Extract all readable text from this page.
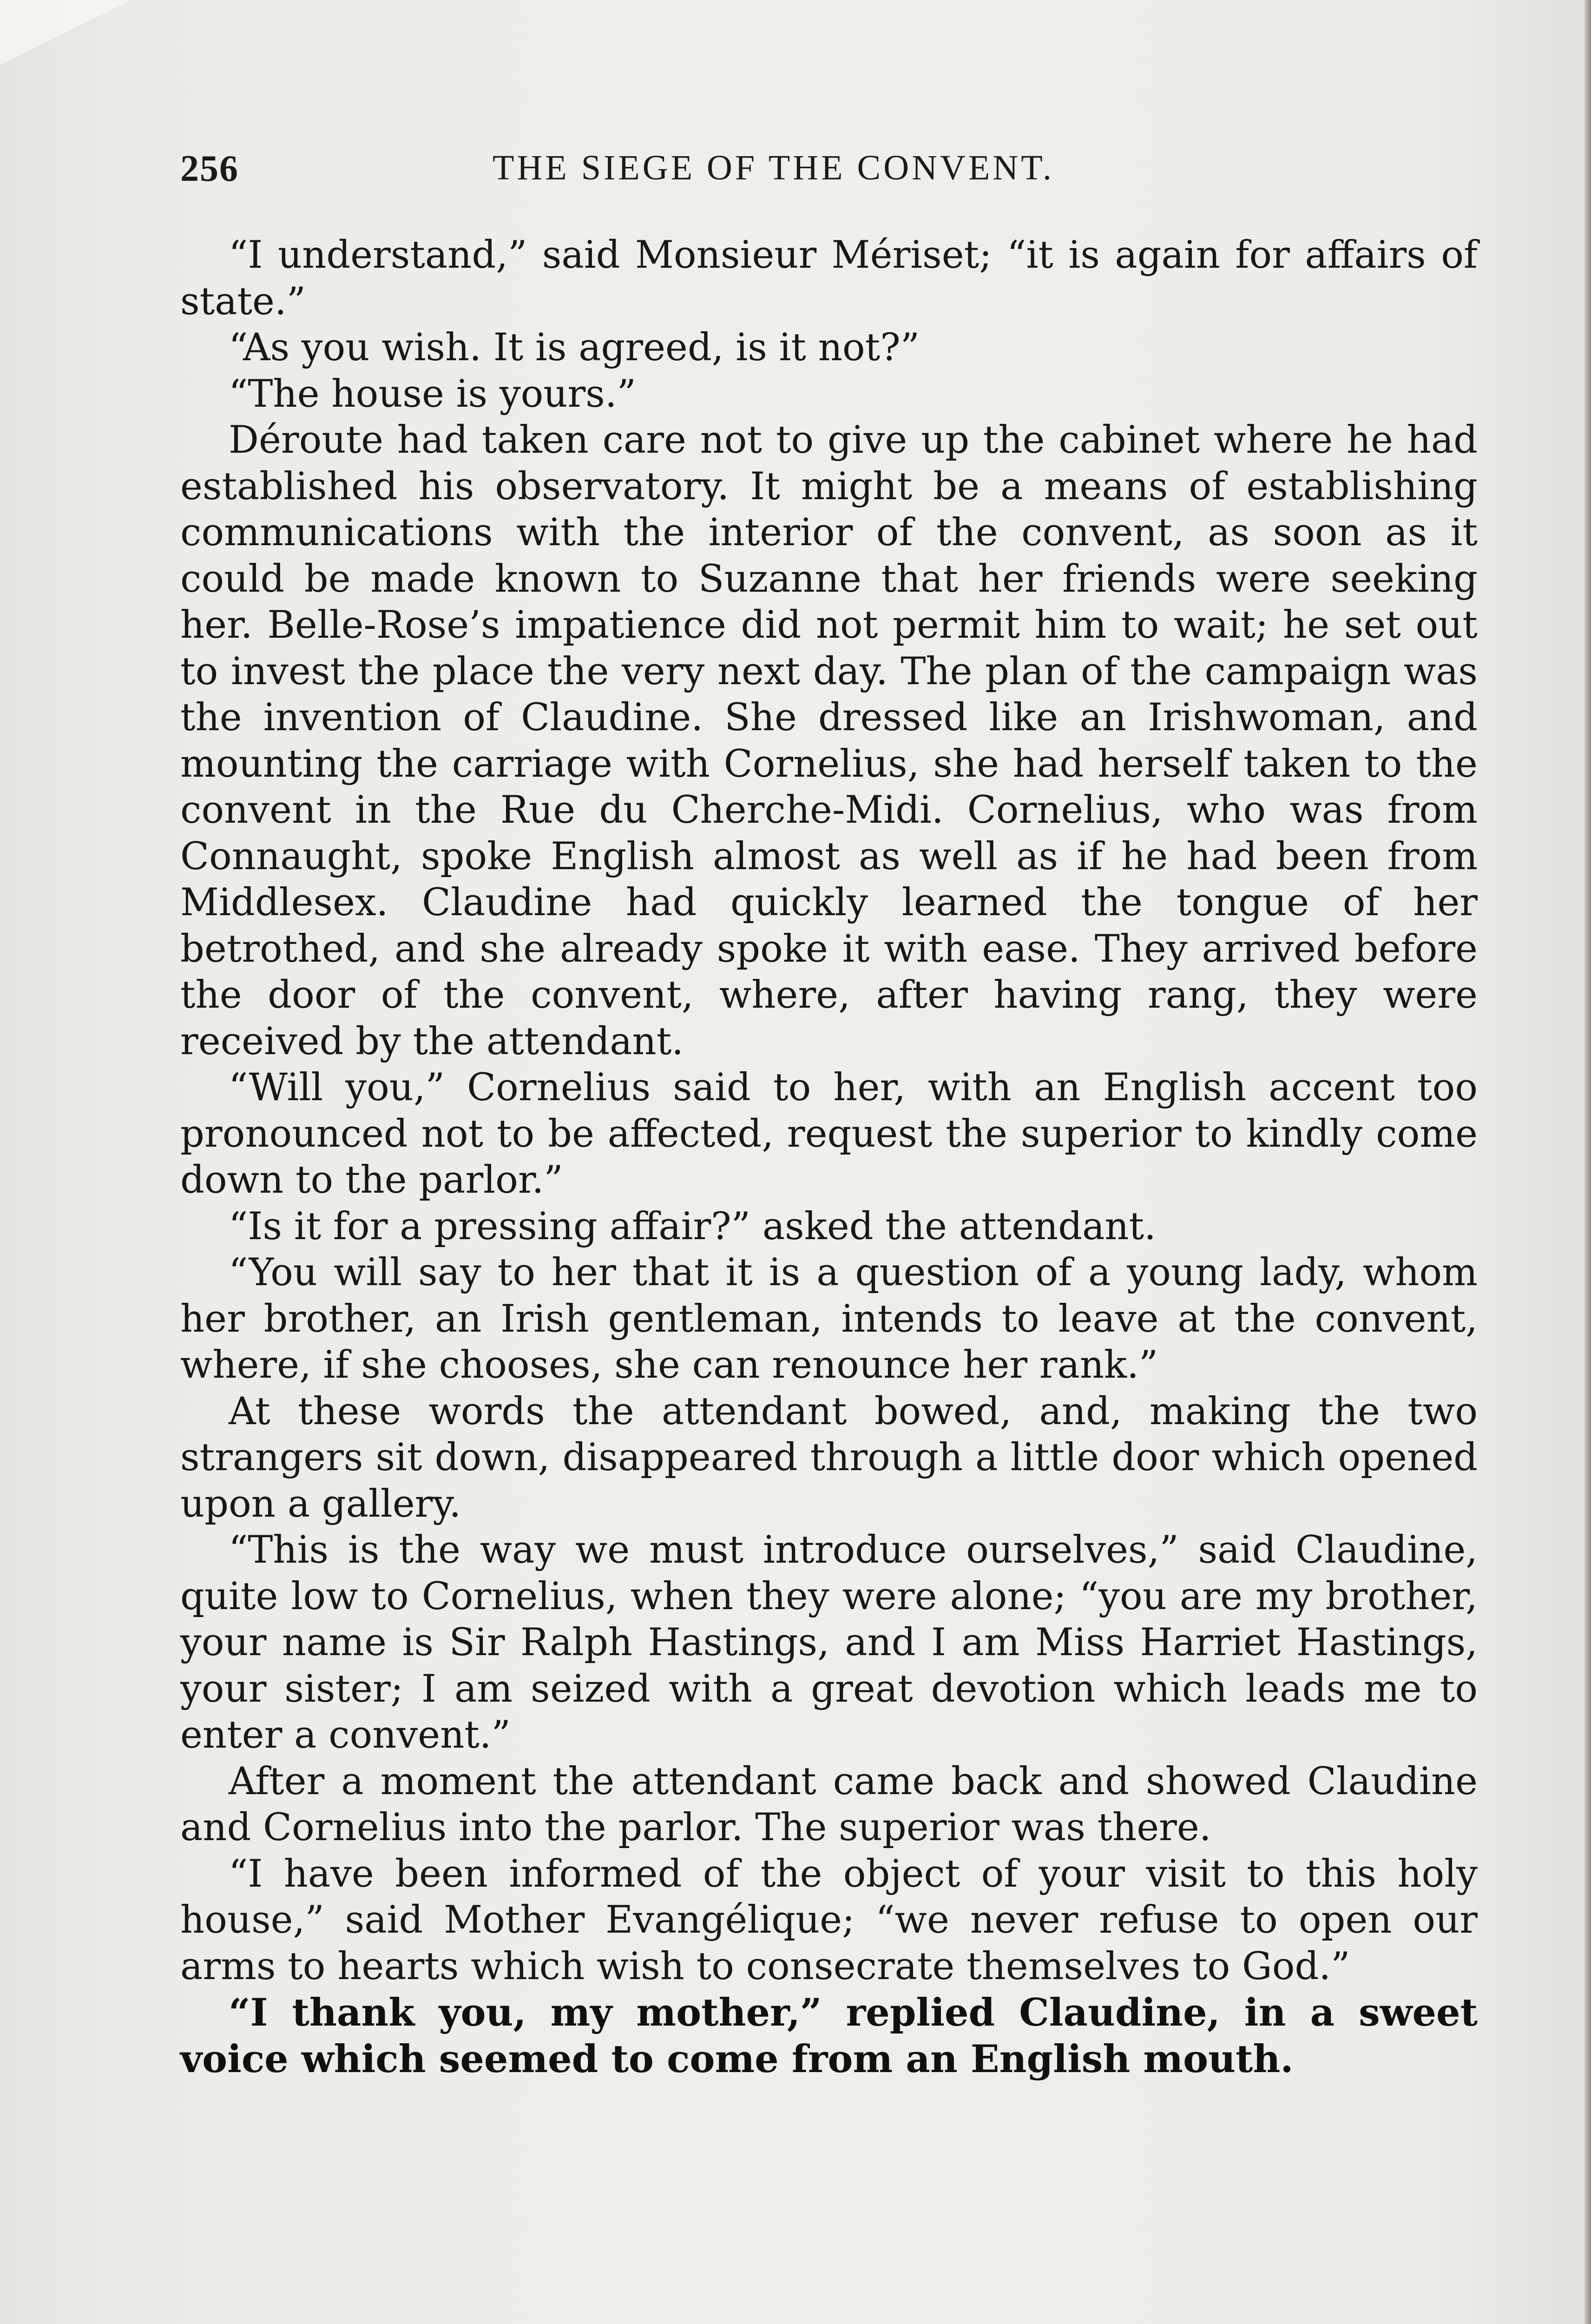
256	THE SIEGE OF THE CONVENT.

“I understand,” said Monsieur Mériset; “it is again for affairs of state.”

“As you wish. It is agreed, is it not?”

“The house is yours.”

Déroute had taken care not to give up the cabinet where he had established his observatory. It might be a means of establishing communications with the interior of the convent, as soon as it could be made known to Suzanne that her friends were seeking her. Belle-Rose’s impatience did not permit him to wait; he set out to invest the place the very next day. The plan of the campaign was the invention of Claudine. She dressed like an Irishwoman, and mounting the carriage with Cornelius, she had herself taken to the convent in the Rue du Cherche-Midi. Cornelius, who was from Connaught, spoke English almost as well as if he had been from Middlesex. Claudine had quickly learned the tongue of her betrothed, and she already spoke it with ease. They arrived before the door of the convent, where, after having rang, they were received by the attendant.

“Will you,” Cornelius said to her, with an English accent too pronounced not to be affected, request the superior to kindly come down to the parlor.”

“Is it for a pressing affair?” asked the attendant.

“You will say to her that it is a question of a young lady, whom her brother, an Irish gentleman, intends to leave at the convent, where, if she chooses, she can renounce her rank.”

At these words the attendant bowed, and, making the two strangers sit down, disappeared through a little door which opened upon a gallery.

“This is the way we must introduce ourselves,” said Claudine, quite low to Cornelius, when they were alone; “you are my brother, your name is Sir Ralph Hastings, and I am Miss Harriet Hastings, your sister; I am seized with a great devotion which leads me to enter a convent.”

After a moment the attendant came back and showed Claudine and Cornelius into the parlor. The superior was there.

“I have been informed of the object of your visit to this holy house,” said Mother Evangélique; “we never refuse to open our arms to hearts which wish to consecrate themselves to God.”

“I thank you, my mother,” replied Claudine, in a sweet voice which seemed to come from an English mouth.
